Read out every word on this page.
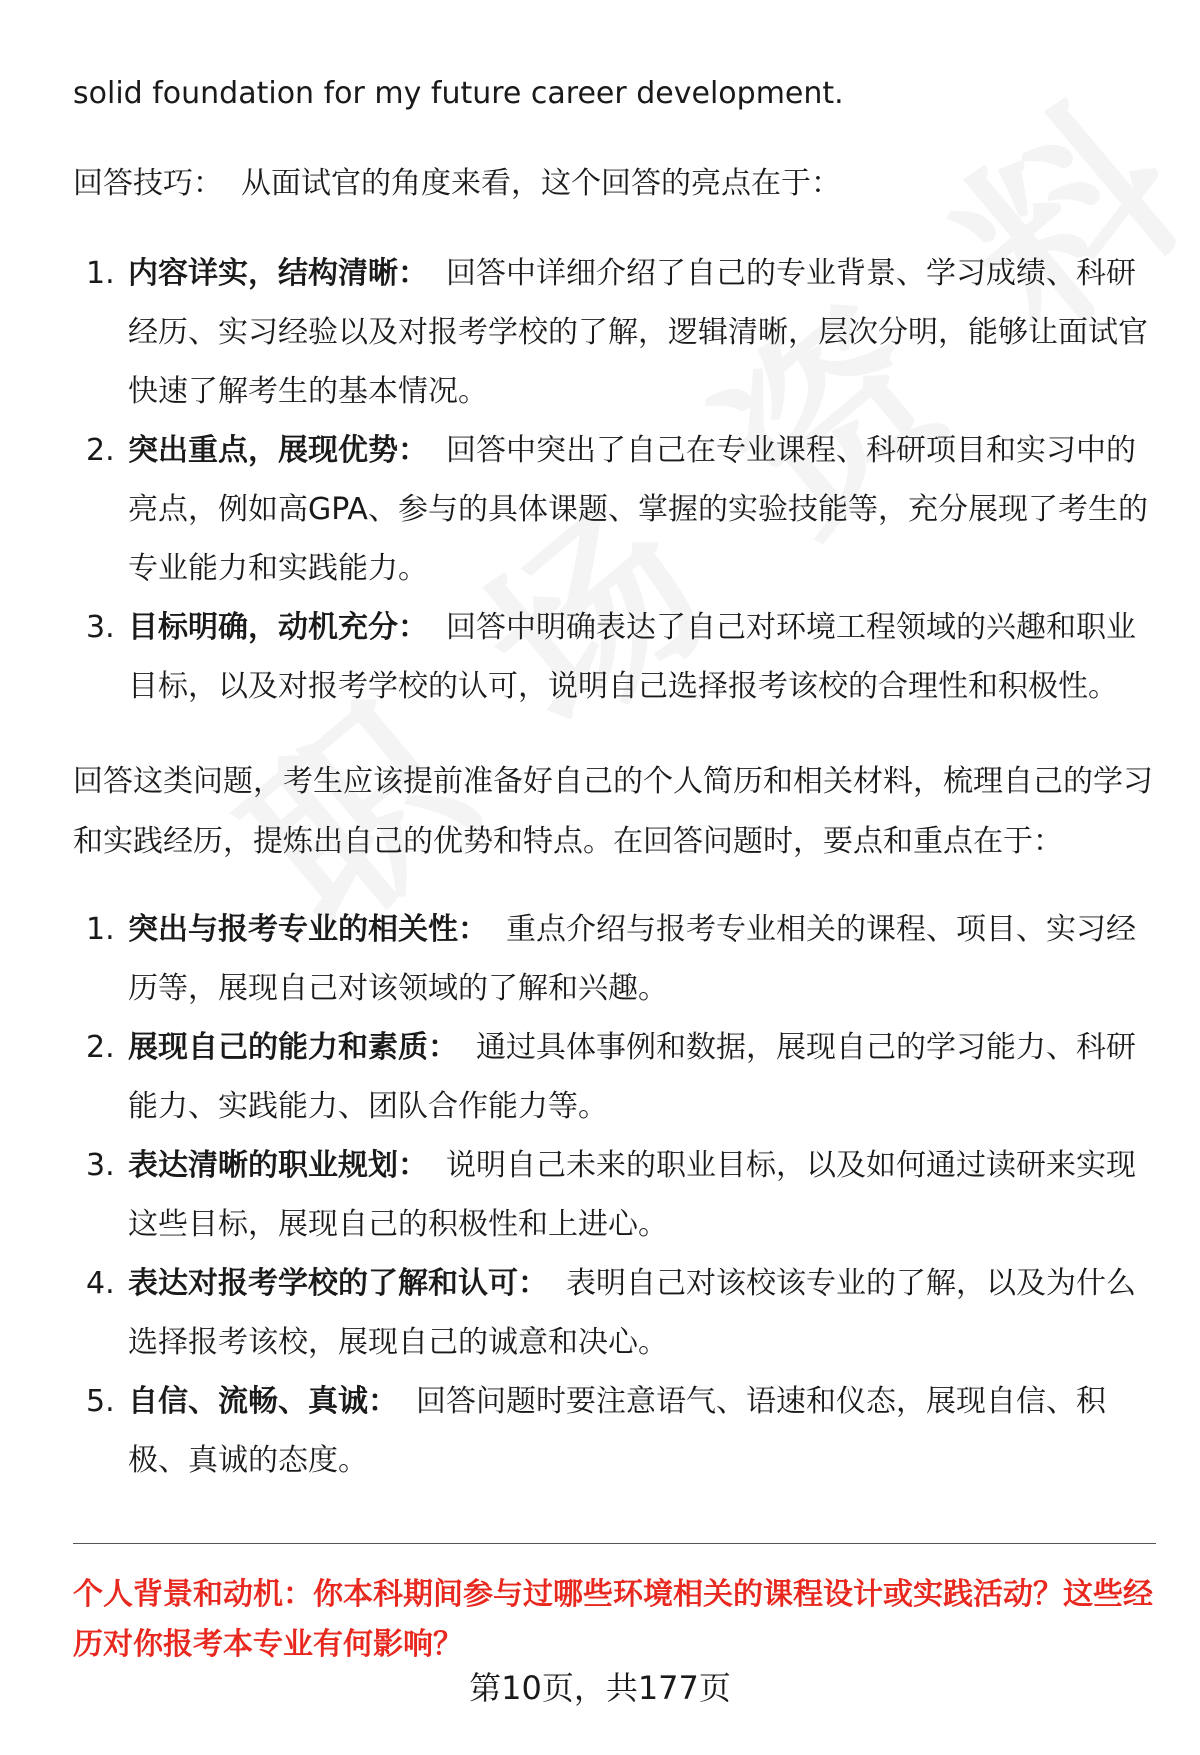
solid foundation for my future career development.

回答技巧： 从面试官的角度来看，这个回答的亮点在于：

1. 内容详实，结构清晰： 回答中详细介绍了自己的专业背景、学习成绩、科研经历、实习经验以及对报考学校的了解，逻辑清晰，层次分明，能够让面试官快速了解考生的基本情况。
2. 突出重点，展现优势： 回答中突出了自己在专业课程、科研项目和实习中的亮点，例如高GPA、参与的具体课题、掌握的实验技能等，充分展现了考生的专业能力和实践能力。
3. 目标明确，动机充分： 回答中明确表达了自己对环境工程领域的兴趣和职业目标，以及对报考学校的认可，说明自己选择报考该校的合理性和积极性。

回答这类问题，考生应该提前准备好自己的个人简历和相关材料，梳理自己的学习和实践经历，提炼出自己的优势和特点。在回答问题时，要点和重点在于：

1. 突出与报考专业的相关性： 重点介绍与报考专业相关的课程、项目、实习经历等，展现自己对该领域的了解和兴趣。
2. 展现自己的能力和素质： 通过具体事例和数据，展现自己的学习能力、科研能力、实践能力、团队合作能力等。
3. 表达清晰的职业规划： 说明自己未来的职业目标，以及如何通过读研来实现这些目标，展现自己的积极性和上进心。
4. 表达对报考学校的了解和认可： 表明自己对该校该专业的了解，以及为什么选择报考该校，展现自己的诚意和决心。
5. 自信、流畅、真诚： 回答问题时要注意语气、语速和仪态，展现自信、积极、真诚的态度。

个人背景和动机：你本科期间参与过哪些环境相关的课程设计或实践活动？这些经历对你报考本专业有何影响？

第10页，共177页
